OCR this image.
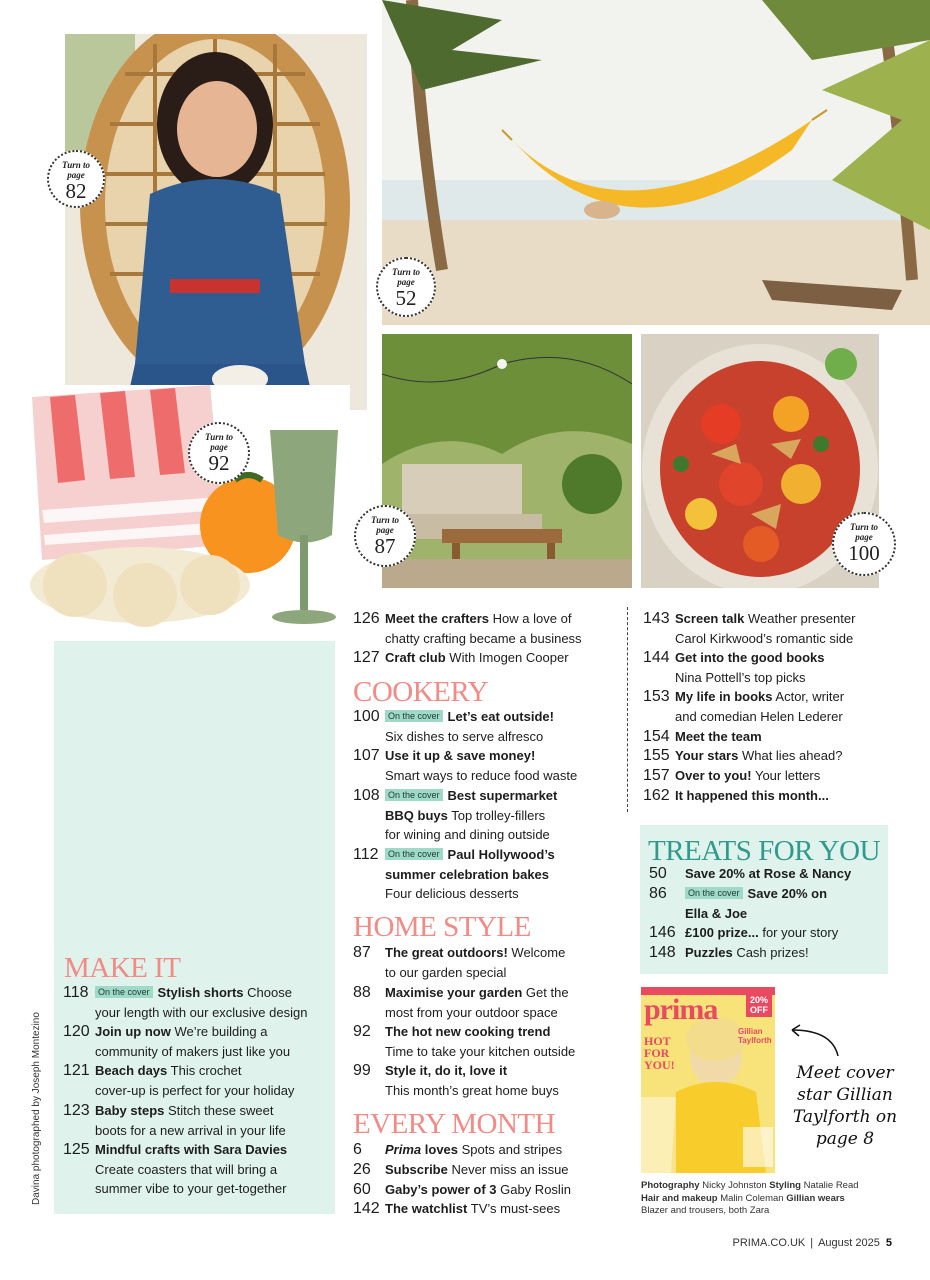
Turn to page
82
Turn to page
52
Turn to page
92
Turn to page
87
Turn to page
100
MAKE IT
118	On the cover Stylish shorts Choose
your length with our exclusive design
120 Join up now We’re building a
community of makers just like you
121 Beach days This crochet
cover-up is perfect for your holiday
123 Baby steps Stitch these sweet
boots for a new arrival in your life
125 Mindful crafts with Sara Davies
Create coasters that will bring a
summer vibe to your get-together
126 Meet the crafters How a love of
chatty crafting became a business
127 Craft club With Imogen Cooper
COOKERY
100 On the cover Let’s eat outside!
Six dishes to serve alfresco
107 Use it up & save money!
Smart ways to reduce food waste
108 On the cover Best supermarket
BBQ buys Top trolley-fillers
for wining and dining outside
112	On the cover Paul Hollywood’s
summer celebration bakes
Four delicious desserts
HOME STYLE
87 The great outdoors! Welcome
to our garden special
88 Maximise your garden Get the
most from your outdoor space
92 The hot new cooking trend
Time to take your kitchen outside
99 Style it, do it, love it
This month’s great home buys
EVERY MONTH
6 Prima loves Spots and stripes
26 Subscribe Never miss an issue
60 Gaby’s power of 3 Gaby Roslin
142 The watchlist TV’s must-sees
143 Screen talk Weather presenter
Carol Kirkwood’s romantic side
144 Get into the good books
Nina Pottell’s top picks
153 My life in books Actor, writer
and comedian Helen Lederer
154 Meet the team
155 Your stars What lies ahead?
157 Over to you! Your letters
162 It happened this month...
TREATS FOR YOU
50 Save 20% at Rose & Nancy
86	On the cover Save 20% on
Ella & Joe
146 £100 prize... for your story
148 Puzzles Cash prizes!
prima	20% OFF
HOT FOR YOU!
Gillian Taylforth
Meet cover star Gillian Taylforth on page 8
Photography Nicky Johnston Styling Natalie Read
Hair and makeup Malin Coleman Gillian wears
Blazer and trousers, both Zara
Davina photographed by Joseph Montezino
PRIMA.CO.UK | August 2025 5
